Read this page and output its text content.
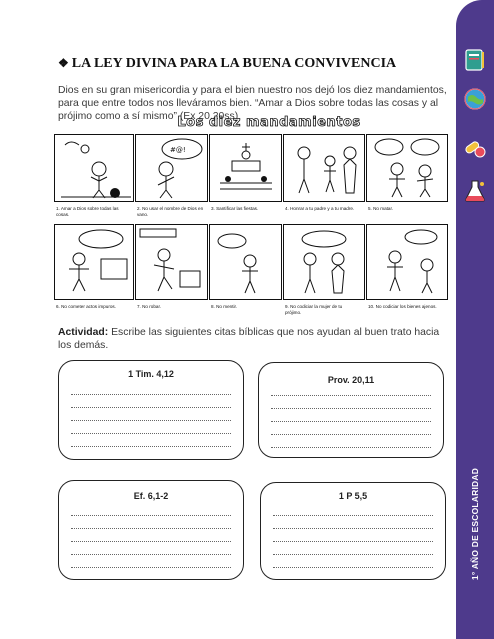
1° AÑO DE ESCOLARIDAD
❖ LA LEY DIVINA PARA LA BUENA CONVIVENCIA

Dios en su gran misericordia y para el bien nuestro nos dejó los diez mandamientos, para que entre todos nos lleváramos bien. “Amar a Dios sobre todas las cosas y al prójimo como a sí mismo” (Ex 20,20ss)

Los diez mandamientos
#@!
1. Amar a Dios sobre todas las cosas.
2. No usar el nombre de Dios en vano.
3. Santificar las fiestas.	4. Honrar a tu padre y a tu madre.	5. No matar.
6. No cometer actos impuros.	7. No robar.	8. No mentir.	9. No codiciar la mujer de tu prójimo.
10. No codiciar los bienes ajenos.

Actividad: Escribe las siguientes citas bíblicas que nos ayudan al buen trato hacia los demás.

1 Tim. 4,12
Prov. 20,11
Ef. 6,1-2	1 P 5,5
